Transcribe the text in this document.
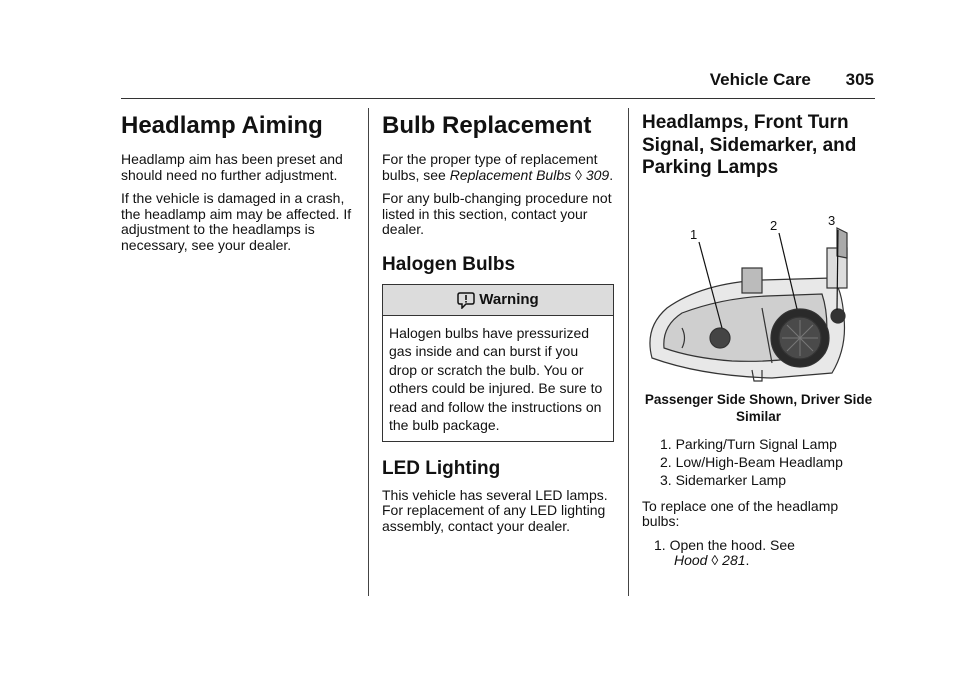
Vehicle Care 305
Headlamp Aiming

Headlamp aim has been preset and should need no further adjustment.

If the vehicle is damaged in a crash, the headlamp aim may be affected. If adjustment to the headlamps is necessary, see your dealer.

Bulb Replacement

For the proper type of replacement bulbs, see Replacement Bulbs ◊ 309.

For any bulb-changing procedure not listed in this section, contact your dealer.

Halogen Bulbs
Warning
Halogen bulbs have pressurized gas inside and can burst if you drop or scratch the bulb. You or others could be injured. Be sure to read and follow the instructions on the bulb package.
LED Lighting

This vehicle has several LED lamps. For replacement of any LED lighting assembly, contact your dealer.

Headlamps, Front Turn Signal, Sidemarker, and Parking Lamps
1
2	3

Passenger Side Shown, Driver Side Similar

1. Parking/Turn Signal Lamp
2. Low/High-Beam Headlamp
3. Sidemarker Lamp

To replace one of the headlamp bulbs:

1. Open the hood. See

Hood ◊ 281.
